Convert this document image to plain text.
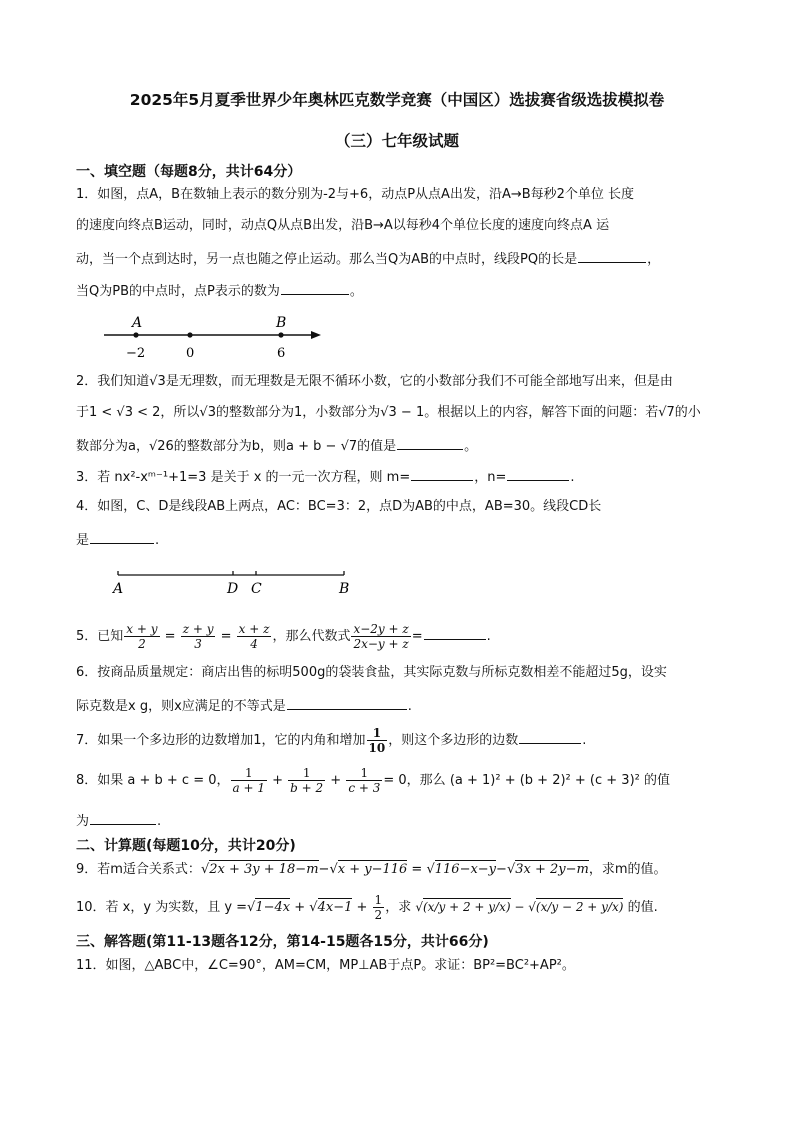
2025年5月夏季世界少年奥林匹克数学竞赛（中国区）选拔赛省级选拔模拟卷
（三）七年级试题
一、填空题（每题8分，共计64分）
1．如图，点A，B在数轴上表示的数分别为-2与+6，动点P从点A出发，沿A→B每秒2个单位 长度
的速度向终点B运动，同时，动点Q从点B出发，沿B→A以每秒4个单位长度的速度向终点A 运
动，当一个点到达时，另一点也随之停止运动。那么当Q为AB的中点时，线段PQ的长是	，
当Q为PB的中点时，点P表示的数为	。
A	B
−2	0	6
2．我们知道√3是无理数，而无理数是无限不循环小数，它的小数部分我们不可能全部地写出来，但是由
于1 < √3 < 2，所以√3的整数部分为1，小数部分为√3 − 1。根据以上的内容，解答下面的问题：若√7的小
数部分为a，√26的整数部分为b，则a + b − √7的值是	。
3．若 nx²-xᵐ⁻¹+1=3 是关于 x 的一元一次方程，则 m=	，n=	.
4．如图，C、D是线段AB上两点，AC：BC=3：2，点D为AB的中点，AB=30。线段CD长
是	.
A	D C	B
5．已知 $\frac{x + y}{2} = \frac{z + y}{3} = \frac{x + z}{4}$ ，那么代数式 $\frac{x-2y + z}{2x-y + z}$ =	.
6．按商品质量规定：商店出售的标明500g的袋装食盐，其实际克数与所标克数相差不能超过5g，设实
际克数是x g，则x应满足的不等式是	.
7．如果一个多边形的边数增加1，它的内角和增加 $\frac{1}{10}$ ，则这个多边形的边数	.
8．如果 a + b + c = 0， $\frac{1}{a + 1} + \frac{1}{b + 2} + \frac{1}{c + 3} = 0$，那么 (a + 1)² + (b + 2)² + (c + 3)² 的值
为	.
二、计算题(每题10分，共计20分)
9．若m适合关系式：√2x + 3y + 18−m−√x + y−116 = √116−x−y−√3x + 2y−m，求m的值。
10．若 x，y 为实数，且 $y =√1-4x + √4x-1 + \frac{1}{2}$ ，求 √(x/y + 2 + y/x) − √(x/y − 2 + y/x) 的值.
三、解答题(第11-13题各12分，第14-15题各15分，共计66分)
11．如图，△ABC中，∠C=90°，AM=CM，MP⊥AB于点P。求证：BP²=BC²+AP²。
